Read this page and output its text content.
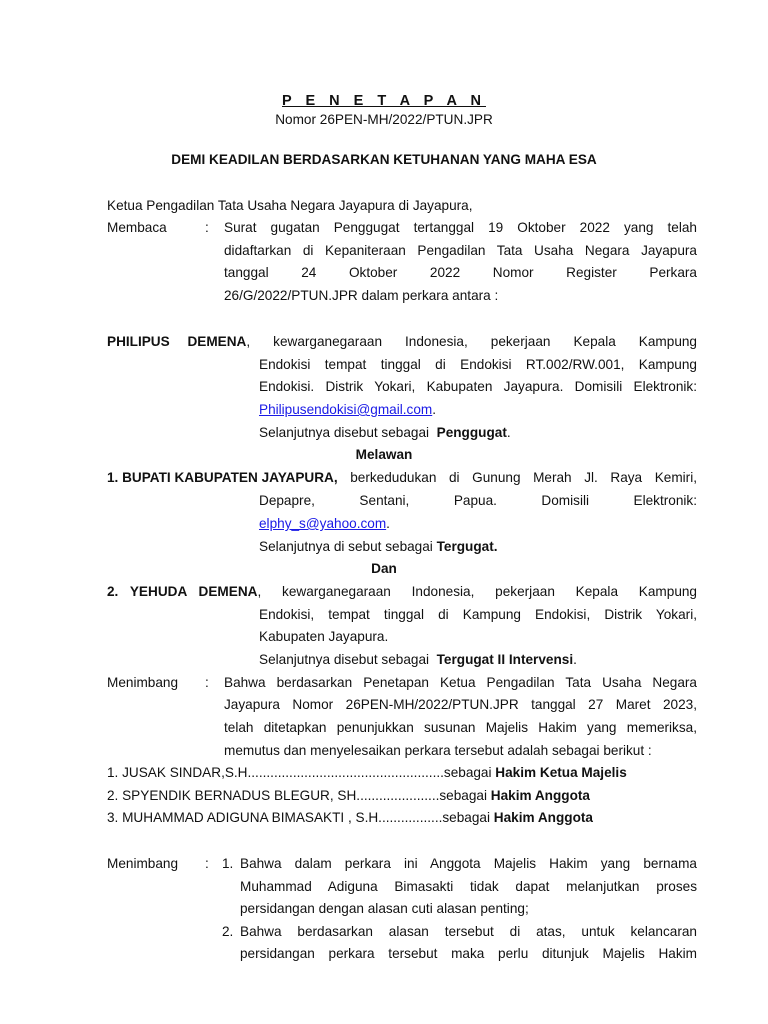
P E N E T A P A N
Nomor 26PEN-MH/2022/PTUN.JPR
DEMI KEADILAN BERDASARKAN KETUHANAN YANG MAHA ESA
Ketua Pengadilan Tata Usaha Negara Jayapura di Jayapura,
Membaca	: Surat gugatan Penggugat tertanggal 19 Oktober 2022 yang telah
didaftarkan di Kepaniteraan Pengadilan Tata Usaha Negara Jayapura
tanggal 24 Oktober 2022 Nomor Register Perkara
26/G/2022/PTUN.JPR dalam perkara antara :
PHILIPUS DEMENA , kewarganegaraan Indonesia, pekerjaan Kepala Kampung
Endokisi tempat tinggal di Endokisi RT.002/RW.001, Kampung
Endokisi. Distrik Yokari, Kabupaten Jayapura. Domisili Elektronik:
Philipusendokisi@gmail.com.
Selanjutnya disebut sebagai Penggugat.
Melawan
1. BUPATI KABUPATEN JAYAPURA, berkedudukan di Gunung Merah Jl. Raya Kemiri,
Depapre, Sentani, Papua. Domisili Elektronik:
elphy_s@yahoo.com.
Selanjutnya di sebut sebagai Tergugat.
Dan
2. YEHUDA DEMENA , kewarganegaraan Indonesia, pekerjaan Kepala Kampung
Endokisi, tempat tinggal di Kampung Endokisi, Distrik Yokari,
Kabupaten Jayapura.
Selanjutnya disebut sebagai Tergugat II Intervensi.
Menimbang : Bahwa berdasarkan Penetapan Ketua Pengadilan Tata Usaha Negara
Jayapura Nomor 26PEN-MH/2022/PTUN.JPR tanggal 27 Maret 2023,
telah ditetapkan penunjukkan susunan Majelis Hakim yang memeriksa,
memutus dan menyelesaikan perkara tersebut adalah sebagai berikut :
1. JUSAK SINDAR,S.H....................................................sebagai Hakim Ketua Majelis
2. SPYENDIK BERNADUS BLEGUR, SH......................sebagai Hakim Anggota
3. MUHAMMAD ADIGUNA BIMASAKTI , S.H.................sebagai Hakim Anggota
Menimbang : 1. Bahwa dalam perkara ini Anggota Majelis Hakim yang bernama
Muhammad Adiguna Bimasakti tidak dapat melanjutkan proses
persidangan dengan alasan cuti alasan penting;
2. Bahwa berdasarkan alasan tersebut di atas, untuk kelancaran
persidangan perkara tersebut maka perlu ditunjuk Majelis Hakim
